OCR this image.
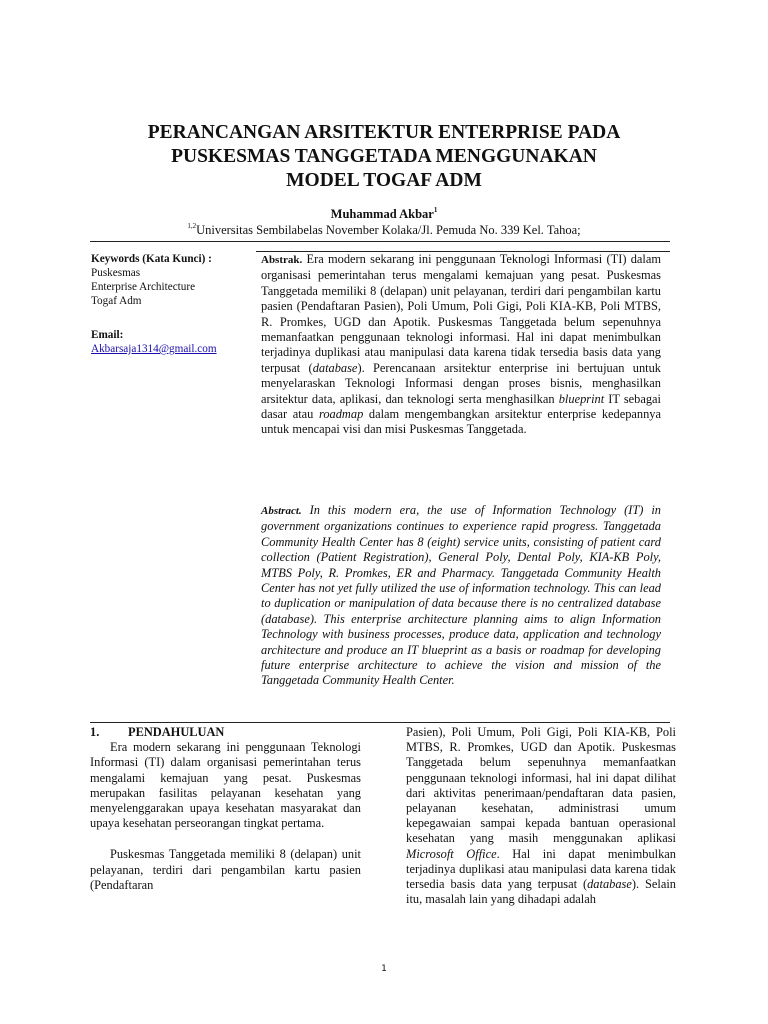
PERANCANGAN ARSITEKTUR ENTERPRISE PADA
PUSKESMAS TANGGETADA MENGGUNAKAN
MODEL TOGAF ADM
Muhammad Akbar$^1$
$^{1,2}$Universitas Sembilabelas November Kolaka/Jl. Pemuda No. 339 Kel. Tahoa;
Keywords (Kata Kunci) :
Puskesmas
Enterprise Architecture
Togaf Adm
Email:
Akbarsaja1314@gmail.com
Abstrak. Era modern sekarang ini penggunaan Teknologi Informasi (TI) dalam organisasi pemerintahan terus mengalami kemajuan yang pesat. Puskesmas Tanggetada memiliki 8 (delapan) unit pelayanan, terdiri dari pengambilan kartu pasien (Pendaftaran Pasien), Poli Umum, Poli Gigi, Poli KIA-KB, Poli MTBS, R. Promkes, UGD dan Apotik. Puskesmas Tanggetada belum sepenuhnya memanfaatkan penggunaan teknologi informasi. Hal ini dapat menimbulkan terjadinya duplikasi atau manipulasi data karena tidak tersedia basis data yang terpusat (database). Perencanaan arsitektur enterprise ini bertujuan untuk menyelaraskan Teknologi Informasi dengan proses bisnis, menghasilkan arsitektur data, aplikasi, dan teknologi serta menghasilkan blueprint IT sebagai dasar atau roadmap dalam mengembangkan arsitektur enterprise kedepannya untuk mencapai visi dan misi Puskesmas Tanggetada.
Abstract. In this modern era, the use of Information Technology (IT) in government organizations continues to experience rapid progress. Tanggetada Community Health Center has 8 (eight) service units, consisting of patient card collection (Patient Registration), General Poly, Dental Poly, KIA-KB Poly, MTBS Poly, R. Promkes, ER and Pharmacy. Tanggetada Community Health Center has not yet fully utilized the use of information technology. This can lead to duplication or manipulation of data because there is no centralized database (database). This enterprise architecture planning aims to align Information Technology with business processes, produce data, application and technology architecture and produce an IT blueprint as a basis or roadmap for developing future enterprise architecture to achieve the vision and mission of the Tanggetada Community Health Center.
1.	PENDAHULUAN

Era modern sekarang ini penggunaan Teknologi Informasi (TI) dalam organisasi pemerintahan terus mengalami kemajuan yang pesat. Puskesmas merupakan fasilitas pelayanan kesehatan yang menyelenggarakan upaya kesehatan masyarakat dan upaya kesehatan perseorangan tingkat pertama.

Puskesmas Tanggetada memiliki 8 (delapan) unit pelayanan, terdiri dari pengambilan kartu pasien (Pendaftaran

Pasien), Poli Umum, Poli Gigi, Poli KIA-KB, Poli MTBS, R. Promkes, UGD dan Apotik. Puskesmas Tanggetada belum sepenuhnya memanfaatkan penggunaan teknologi informasi, hal ini dapat dilihat dari aktivitas penerimaan/pendaftaran data pasien, pelayanan kesehatan, administrasi umum kepegawaian sampai kepada bantuan operasional kesehatan yang masih menggunakan aplikasi Microsoft Office. Hal ini dapat menimbulkan terjadinya duplikasi atau manipulasi data karena tidak tersedia basis data yang terpusat (database). Selain itu, masalah lain yang dihadapi adalah

1
